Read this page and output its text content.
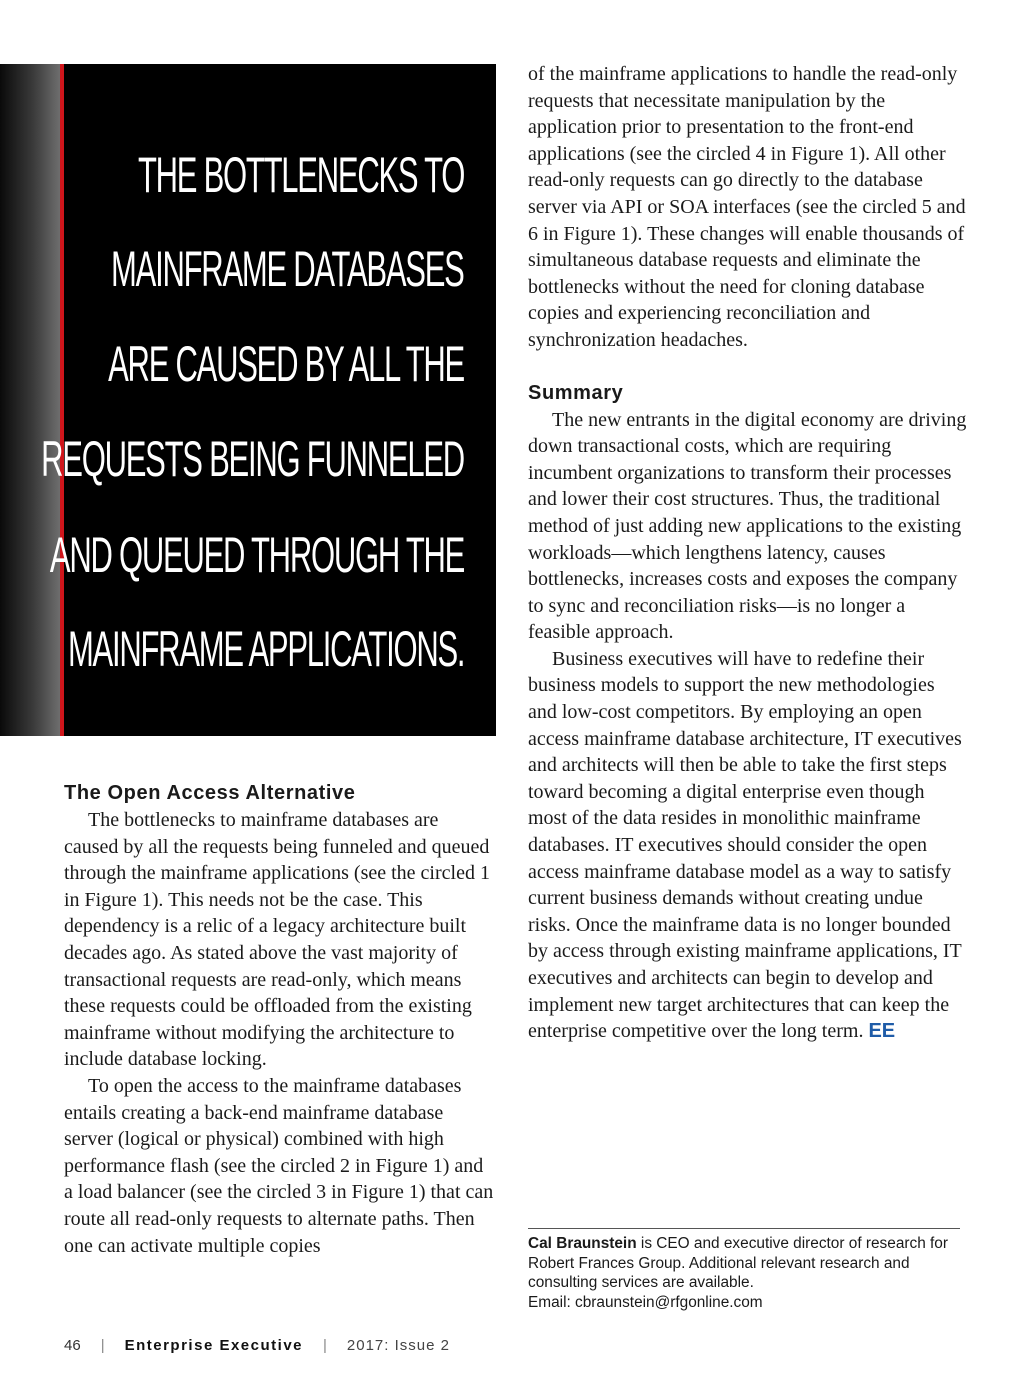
THE BOTTLENECKS TO

MAINFRAME DATABASES

ARE CAUSED BY ALL THE

REQUESTS BEING FUNNELED

AND QUEUED THROUGH THE

MAINFRAME APPLICATIONS.

The Open Access Alternative

The bottlenecks to mainframe databases are caused by all the requests being funneled and queued through the mainframe applications (see the circled 1 in Figure 1). This needs not be the case. This dependency is a relic of a legacy architecture built decades ago. As stated above the vast majority of transactional requests are read-only, which means these requests could be offloaded from the existing mainframe without modifying the architecture to include database locking.

To open the access to the mainframe databases entails creating a back-end mainframe database server (logical or physical) combined with high performance flash (see the circled 2 in Figure 1) and a load balancer (see the circled 3 in Figure 1) that can route all read-only requests to alternate paths. Then one can activate multiple copies

of the mainframe applications to handle the read-only requests that necessitate manipulation by the application prior to presentation to the front-end applications (see the circled 4 in Figure 1). All other read-only requests can go directly to the database server via API or SOA interfaces (see the circled 5 and 6 in Figure 1). These changes will enable thousands of simultaneous database requests and eliminate the bottlenecks without the need for cloning database copies and experiencing reconciliation and synchronization headaches.

Summary

The new entrants in the digital economy are driving down transactional costs, which are requiring incumbent organizations to transform their processes and lower their cost structures. Thus, the traditional method of just adding new applications to the existing workloads—which lengthens latency, causes bottlenecks, increases costs and exposes the company to sync and reconciliation risks—is no longer a feasible approach.

Business executives will have to redefine their business models to support the new methodologies and low-cost competitors. By employing an open access mainframe database architecture, IT executives and architects will then be able to take the first steps toward becoming a digital enterprise even though most of the data resides in monolithic mainframe databases. IT executives should consider the open access mainframe database model as a way to satisfy current business demands without creating undue risks. Once the mainframe data is no longer bounded by access through existing mainframe applications, IT executives and architects can begin to develop and implement new target architectures that can keep the enterprise competitive over the long term. EE

Cal Braunstein is CEO and executive director of research for Robert Frances Group. Additional relevant research and consulting services are available.
Email: cbraunstein@rfgonline.com
46 | Enterprise Executive | 2017: Issue 2
